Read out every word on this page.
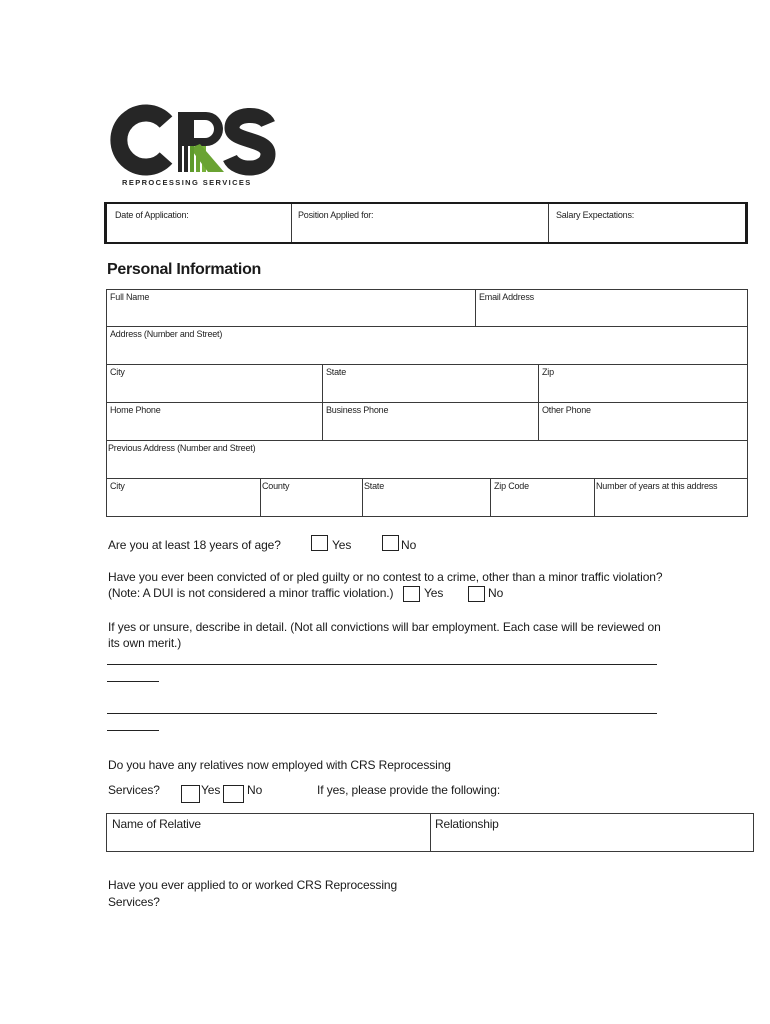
REPROCESSING SERVICES
Date of Application:	Position Applied for:	Salary Expectations:
Personal Information
Full Name	Email Address
Address (Number and Street)
City	State	Zip
Home Phone	Business Phone	Other Phone
Previous Address (Number and Street)
City	County	State	Zip Code	Number of years at this address
Are you at least 18 years of age?	Yes	No
Have you ever been convicted of or pled guilty or no contest to a crime, other than a minor traffic violation?
(Note: A DUI is not considered a minor traffic violation.)	Yes	No
If yes or unsure, describe in detail. (Not all convictions will bar employment. Each case will be reviewed on
its own merit.)
Do you have any relatives now employed with CRS Reprocessing
Services?	Yes No	If yes, please provide the following:
Name of Relative	Relationship
Have you ever applied to or worked CRS Reprocessing
Services?
